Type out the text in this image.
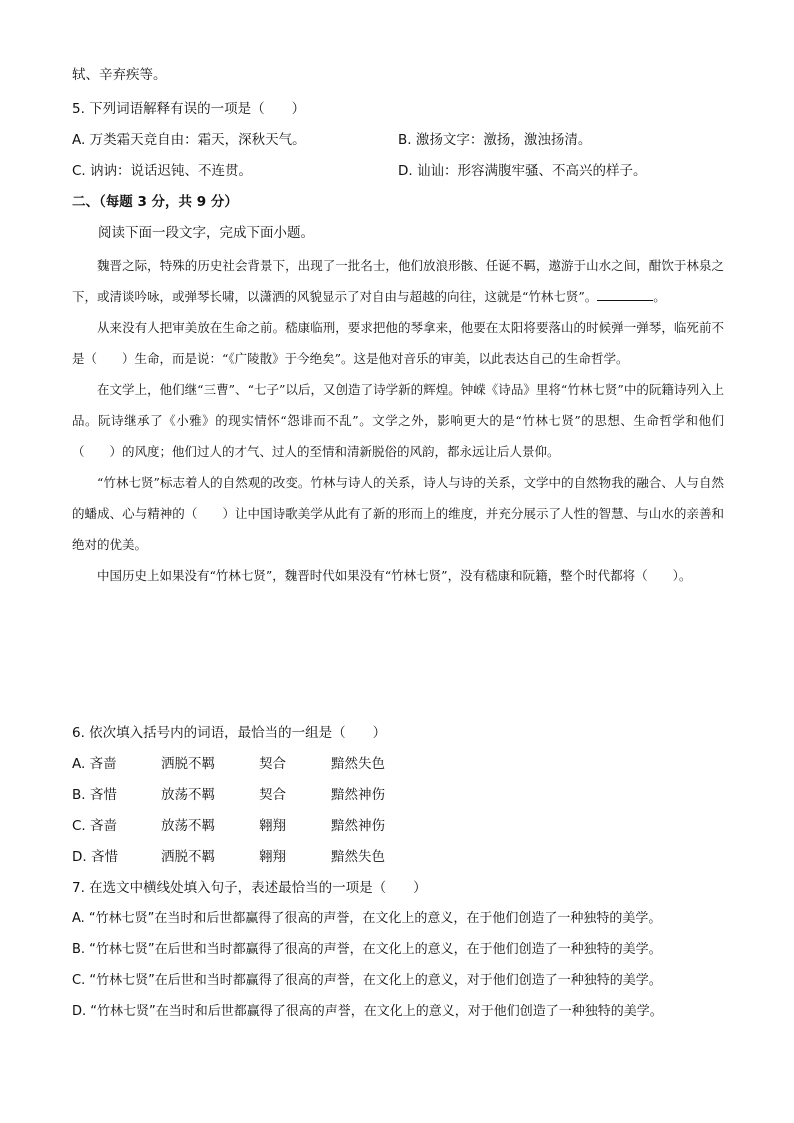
轼、辛弃疾等。
5. 下列词语解释有误的一项是（　　）
A. 万类霜天竞自由：霜天，深秋天气。	B. 激扬文字：激扬，激浊扬清。
C. 讷讷：说话迟钝、不连贯。	D. 讪讪：形容满腹牢骚、不高兴的样子。
二、（每题 3 分，共 9 分）
阅读下面一段文字，完成下面小题。

魏晋之际，特殊的历史社会背景下，出现了一批名士，他们放浪形骸、任诞不羁，遨游于山水之间，酣饮于林泉之下，或清谈吟咏，或弹琴长啸，以潇洒的风貌显示了对自由与超越的向往，这就是“竹林七贤”。	。

从来没有人把审美放在生命之前。嵇康临刑，要求把他的琴拿来，他要在太阳将要落山的时候弹一弹琴，临死前不是（　　）生命，而是说：“《广陵散》于今绝矣”。这是他对音乐的审美，以此表达自己的生命哲学。

在文学上，他们继“三曹”、“七子”以后，又创造了诗学新的辉煌。钟嵘《诗品》里将“竹林七贤”中的阮籍诗列入上品。阮诗继承了《小雅》的现实情怀“怨诽而不乱”。文学之外，影响更大的是“竹林七贤”的思想、生命哲学和他们（　　）的风度；他们过人的才气、过人的至情和清新脱俗的风韵，都永远让后人景仰。

“竹林七贤”标志着人的自然观的改变。竹林与诗人的关系，诗人与诗的关系，文学中的自然物我的融合、人与自然的蟠成、心与精神的（　　）让中国诗歌美学从此有了新的形而上的维度，并充分展示了人性的智慧、与山水的亲善和绝对的优美。

中国历史上如果没有“竹林七贤”，魏晋时代如果没有“竹林七贤”，没有嵇康和阮籍，整个时代都将（　　）。

6. 依次填入括号内的词语，最恰当的一组是（　　）
A. 吝啬	洒脱不羁	契合	黯然失色
B. 吝惜	放荡不羁	契合	黯然神伤
C. 吝啬	放荡不羁	翱翔	黯然神伤
D. 吝惜	洒脱不羁	翱翔	黯然失色
7. 在选文中横线处填入句子，表述最恰当的一项是（　　）
A. “竹林七贤”在当时和后世都赢得了很高的声誉，在文化上的意义，在于他们创造了一种独特的美学。
B. “竹林七贤”在后世和当时都赢得了很高的声誉，在文化上的意义，在于他们创造了一种独特的美学。
C. “竹林七贤”在后世和当时都赢得了很高的声誉，在文化上的意义，对于他们创造了一种独特的美学。
D. “竹林七贤”在当时和后世都赢得了很高的声誉，在文化上的意义，对于他们创造了一种独特的美学。
